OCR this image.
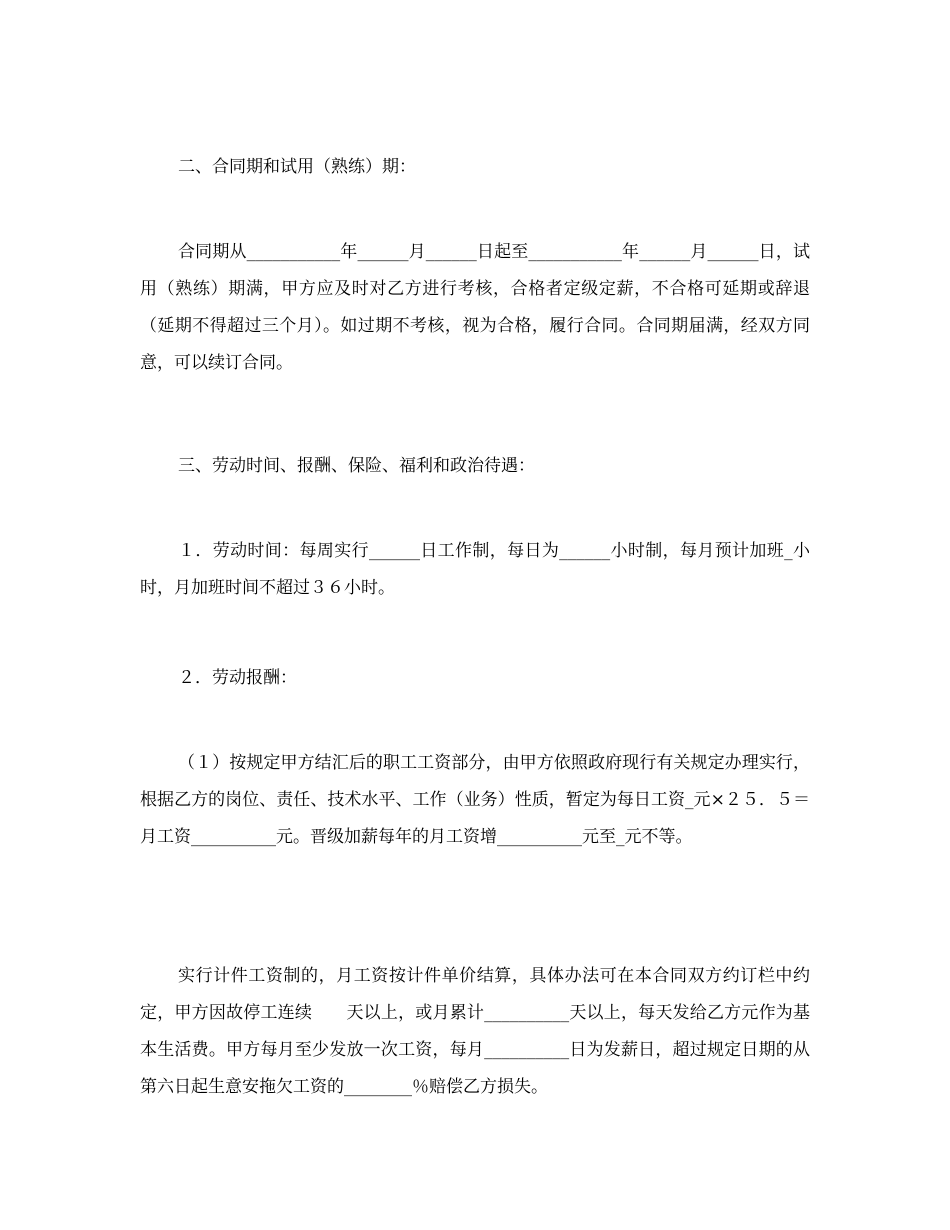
二、合同期和试用（熟练）期：
合同期从___________年______月______日起至___________年______月______日，试用（熟练）期满，甲方应及时对乙方进行考核，合格者定级定薪，不合格可延期或辞退（延期不得超过三个月）。如过期不考核，视为合格，履行合同。合同期届满，经双方同意，可以续订合同。
三、劳动时间、报酬、保险、福利和政治待遇：
１．劳动时间：每周实行______日工作制，每日为______小时制，每月预计加班_小时，月加班时间不超过３６小时。
２．劳动报酬：
（１）按规定甲方结汇后的职工工资部分，由甲方依照政府现行有关规定办理实行，根据乙方的岗位、责任、技术水平、工作（业务）性质，暂定为每日工资_元×２５．５＝月工资__________元。晋级加薪每年的月工资增__________元至_元不等。
实行计件工资制的，月工资按计件单价结算，具体办法可在本合同双方约订栏中约定，甲方因故停工连续　　天以上，或月累计__________天以上，每天发给乙方元作为基本生活费。甲方每月至少发放一次工资，每月__________日为发薪日，超过规定日期的从第六日起生意安拖欠工资的________％赔偿乙方损失。
